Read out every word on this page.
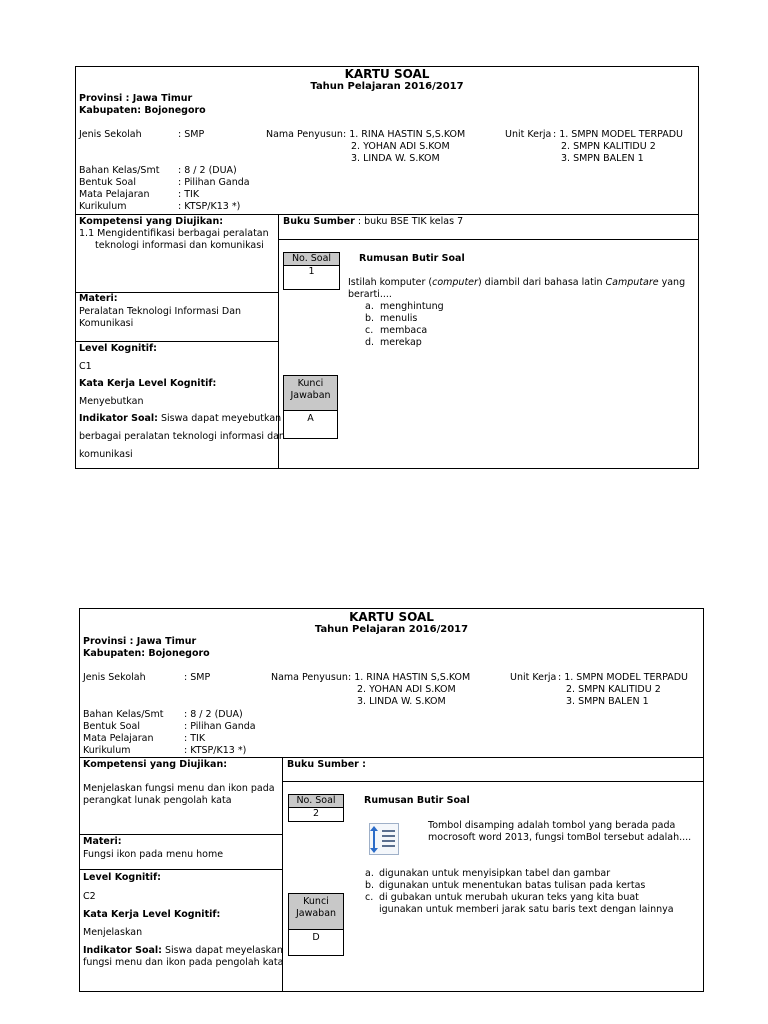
KARTU SOAL
Tahun Pelajaran 2016/2017
Provinsi : Jawa Timur
Kabupaten: Bojonegoro
Jenis Sekolah	: SMP	Nama Penyusun : 1. RINA HASTIN S,S.KOM
2. YOHAN ADI S.KOM
3. LINDA W. S.KOM
Unit Kerja : 1. SMPN MODEL TERPADU
2. SMPN KALITIDU 2
3. SMPN BALEN 1
Bahan Kelas/Smt : 8 / 2 (DUA)
Bentuk Soal	: Pilihan Ganda
Mata Pelajaran	: TIK
Kurikulum	: KTSP/K13 *)
Kompetensi yang Diujikan:
1.1 Mengidentifikasi berbagai peralatan
teknologi informasi dan komunikasi
Materi:
Peralatan Teknologi Informasi Dan
Komunikasi
Level Kognitif:
C1
Kata Kerja Level Kognitif:
Menyebutkan
Indikator Soal: Siswa dapat meyebutkan
berbagai peralatan teknologi informasi dan
komunikasi
Buku Sumber : buku BSE TIK kelas 7
No. Soal
1
Rumusan Butir Soal
Istilah komputer (computer) diambil dari bahasa latin Camputare yang
berarti....
a. menghintung
b. menulis
c. membaca
d. merekap
Kunci
Jawaban
A
KARTU SOAL
Tahun Pelajaran 2016/2017
Provinsi : Jawa Timur
Kabupaten: Bojonegoro
Jenis Sekolah	: SMP	Nama Penyusun : 1. RINA HASTIN S,S.KOM
2. YOHAN ADI S.KOM
3. LINDA W. S.KOM
Unit Kerja : 1. SMPN MODEL TERPADU
2. SMPN KALITIDU 2
3. SMPN BALEN 1
Bahan Kelas/Smt : 8 / 2 (DUA)
Bentuk Soal	: Pilihan Ganda
Mata Pelajaran	: TIK
Kurikulum	: KTSP/K13 *)
Kompetensi yang Diujikan:
Menjelaskan fungsi menu dan ikon pada
perangkat lunak pengolah kata
Materi:
Fungsi ikon pada menu home
Level Kognitif:
C2
Kata Kerja Level Kognitif:
Menjelaskan
Indikator Soal: Siswa dapat meyelaskan
fungsi menu dan ikon pada pengolah kata
Buku Sumber :
No. Soal
2
Rumusan Butir Soal
Tombol disamping adalah tombol yang berada pada
mocrosoft word 2013, fungsi tomBol tersebut adalah....
a. digunakan untuk menyisipkan tabel dan gambar
b. digunakan untuk menentukan batas tulisan pada kertas
c. di gubakan untuk merubah ukuran teks yang kita buat
igunakan untuk memberi jarak satu baris text dengan lainnya
Kunci
Jawaban
D
